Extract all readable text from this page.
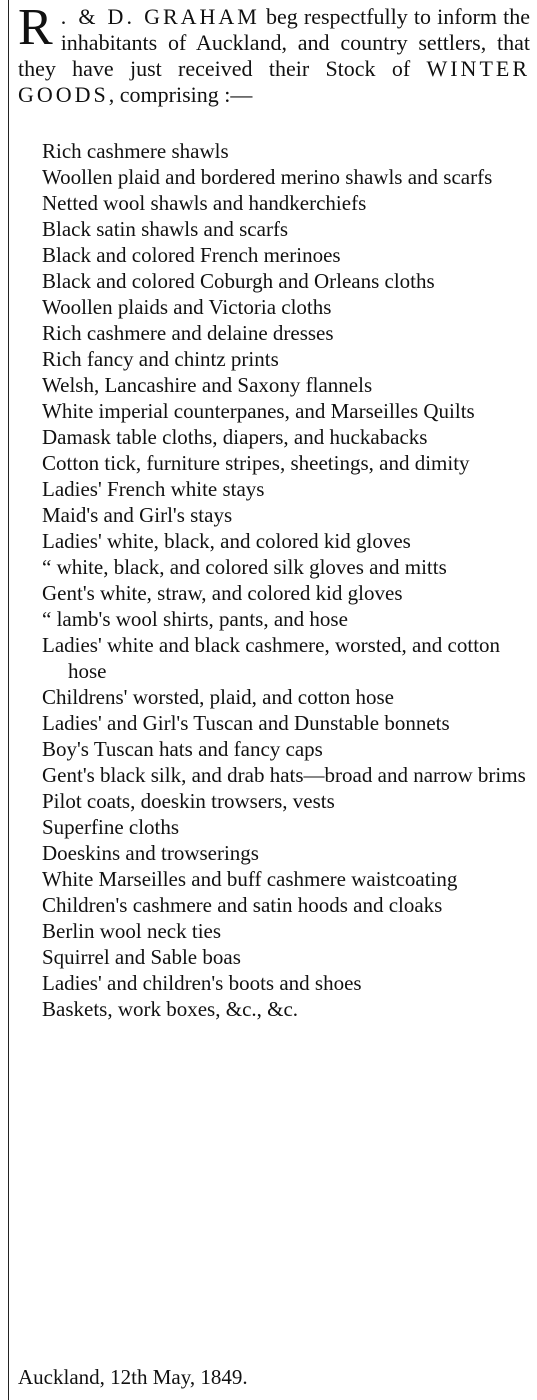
R . & D. GRAHAM beg respectfully to inform the inhabitants of Auckland, and country settlers, that they have just received their Stock of WINTER GOODS, comprising :—
Rich cashmere shawls
Woollen plaid and bordered merino shawls and scarfs
Netted wool shawls and handkerchiefs
Black satin shawls and scarfs
Black and colored French merinoes
Black and colored Coburgh and Orleans cloths
Woollen plaids and Victoria cloths
Rich cashmere and delaine dresses
Rich fancy and chintz prints
Welsh, Lancashire and Saxony flannels
White imperial counterpanes, and Marseilles Quilts
Damask table cloths, diapers, and huckabacks
Cotton tick, furniture stripes, sheetings, and dimity
Ladies' French white stays
Maid's and Girl's stays
Ladies' white, black, and colored kid gloves
“ white, black, and colored silk gloves and mitts
Gent's white, straw, and colored kid gloves
“ lamb's wool shirts, pants, and hose
Ladies' white and black cashmere, worsted, and cotton hose
Childrens' worsted, plaid, and cotton hose
Ladies' and Girl's Tuscan and Dunstable bonnets
Boy's Tuscan hats and fancy caps
Gent's black silk, and drab hats—broad and narrow brims
Pilot coats, doeskin trowsers, vests
Superfine cloths
Doeskins and trowserings
White Marseilles and buff cashmere waistcoating
Children's cashmere and satin hoods and cloaks
Berlin wool neck ties
Squirrel and Sable boas
Ladies' and children's boots and shoes
Baskets, work boxes, &c., &c.
Auckland, 12th May, 1849.
